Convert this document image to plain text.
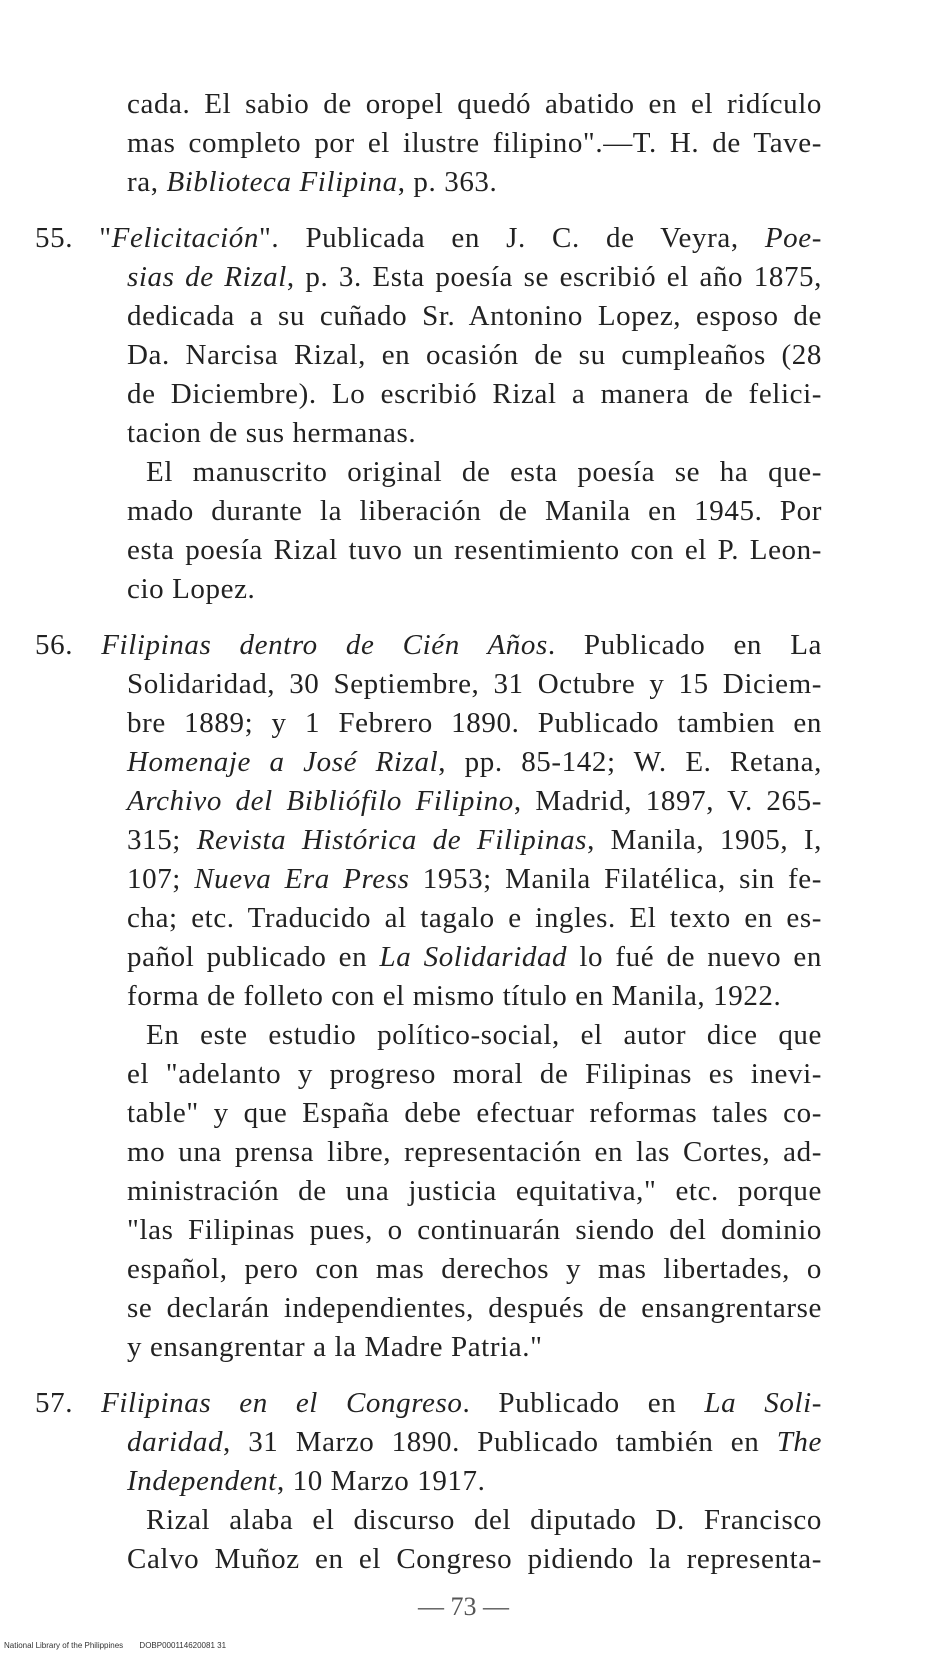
cada. El sabio de oropel quedó abatido en el ridículo
mas completo por el ilustre filipino".—T. H. de Tave-
ra, Biblioteca Filipina, p. 363.
55. "Felicitación". Publicada en J. C. de Veyra, Poe-
sias de Rizal, p. 3. Esta poesía se escribió el año 1875,
dedicada a su cuñado Sr. Antonino Lopez, esposo de
Da. Narcisa Rizal, en ocasión de su cumpleaños (28
de Diciembre). Lo escribió Rizal a manera de felici-
tacion de sus hermanas.
El manuscrito original de esta poesía se ha que-
mado durante la liberación de Manila en 1945. Por
esta poesía Rizal tuvo un resentimiento con el P. Leon-
cio Lopez.
56. Filipinas dentro de Cién Años. Publicado en La
Solidaridad, 30 Septiembre, 31 Octubre y 15 Diciem-
bre 1889; y 1 Febrero 1890. Publicado tambien en
Homenaje a José Rizal, pp. 85-142; W. E. Retana,
Archivo del Bibliófilo Filipino, Madrid, 1897, V. 265-
315; Revista Histórica de Filipinas, Manila, 1905, I,
107; Nueva Era Press 1953; Manila Filatélica, sin fe-
cha; etc. Traducido al tagalo e ingles. El texto en es-
pañol publicado en La Solidaridad lo fué de nuevo en
forma de folleto con el mismo título en Manila, 1922.
En este estudio político-social, el autor dice que
el "adelanto y progreso moral de Filipinas es inevi-
table" y que España debe efectuar reformas tales co-
mo una prensa libre, representación en las Cortes, ad-
ministración de una justicia equitativa," etc. porque
"las Filipinas pues, o continuarán siendo del dominio
español, pero con mas derechos y mas libertades, o
se declarán independientes, después de ensangrentarse
y ensangrentar a la Madre Patria."
57. Filipinas en el Congreso. Publicado en La Soli-
daridad, 31 Marzo 1890. Publicado también en The
Independent, 10 Marzo 1917.
Rizal alaba el discurso del diputado D. Francisco
Calvo Muñoz en el Congreso pidiendo la representa-
— 73 —
National Library of the Philippines DOBP000114620081 31
